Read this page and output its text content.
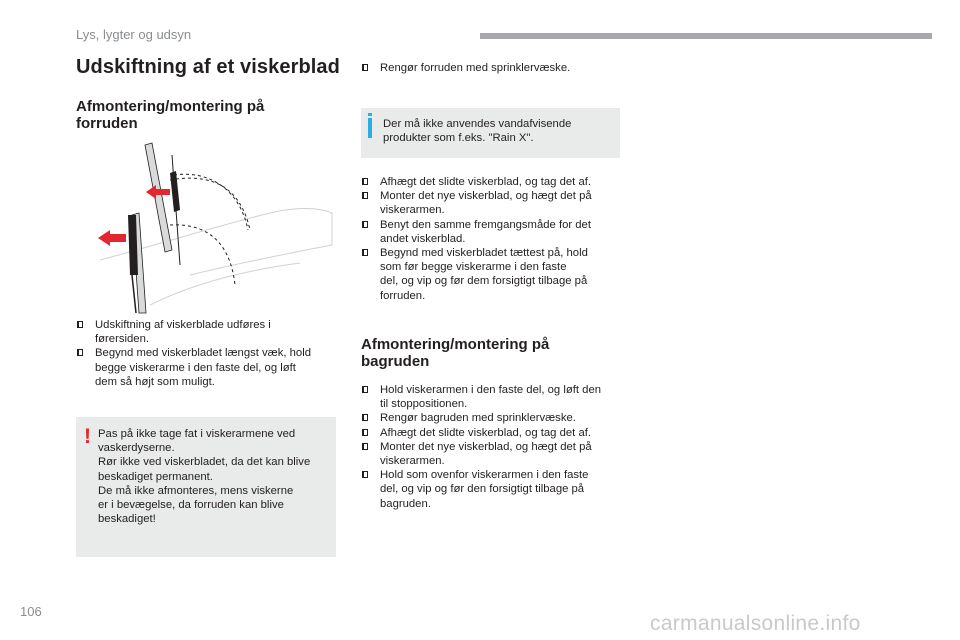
Lys, lygter og udsyn
Udskiftning af et viskerblad
Afmontering/montering på
forruden
Udskiftning af viskerblade udføres i
førersiden.
Begynd med viskerbladet længst væk, hold
begge viskerarme i den faste del, og løft
dem så højt som muligt.
! Pas på ikke tage fat i viskerarmene ved
vaskerdyserne.
Rør ikke ved viskerbladet, da det kan blive
beskadiget permanent.
De må ikke afmonteres, mens viskerne
er i bevægelse, da forruden kan blive
beskadiget!
Rengør forruden med sprinklervæske.
Der må ikke anvendes vandafvisende
produkter som f.eks. "Rain X".
Afhægt det slidte viskerblad, og tag det af.
Monter det nye viskerblad, og hægt det på
viskerarmen.
Benyt den samme fremgangsmåde for det
andet viskerblad.
Begynd med viskerbladet tættest på, hold
som før begge viskerarme i den faste
del, og vip og før dem forsigtigt tilbage på
forruden.
Afmontering/montering på
bagruden
Hold viskerarmen i den faste del, og løft den
til stoppositionen.
Rengør bagruden med sprinklervæske.
Afhægt det slidte viskerblad, og tag det af.
Monter det nye viskerblad, og hægt det på
viskerarmen.
Hold som ovenfor viskerarmen i den faste
del, og vip og før den forsigtigt tilbage på
bagruden.
106
carmanualsonline.info
